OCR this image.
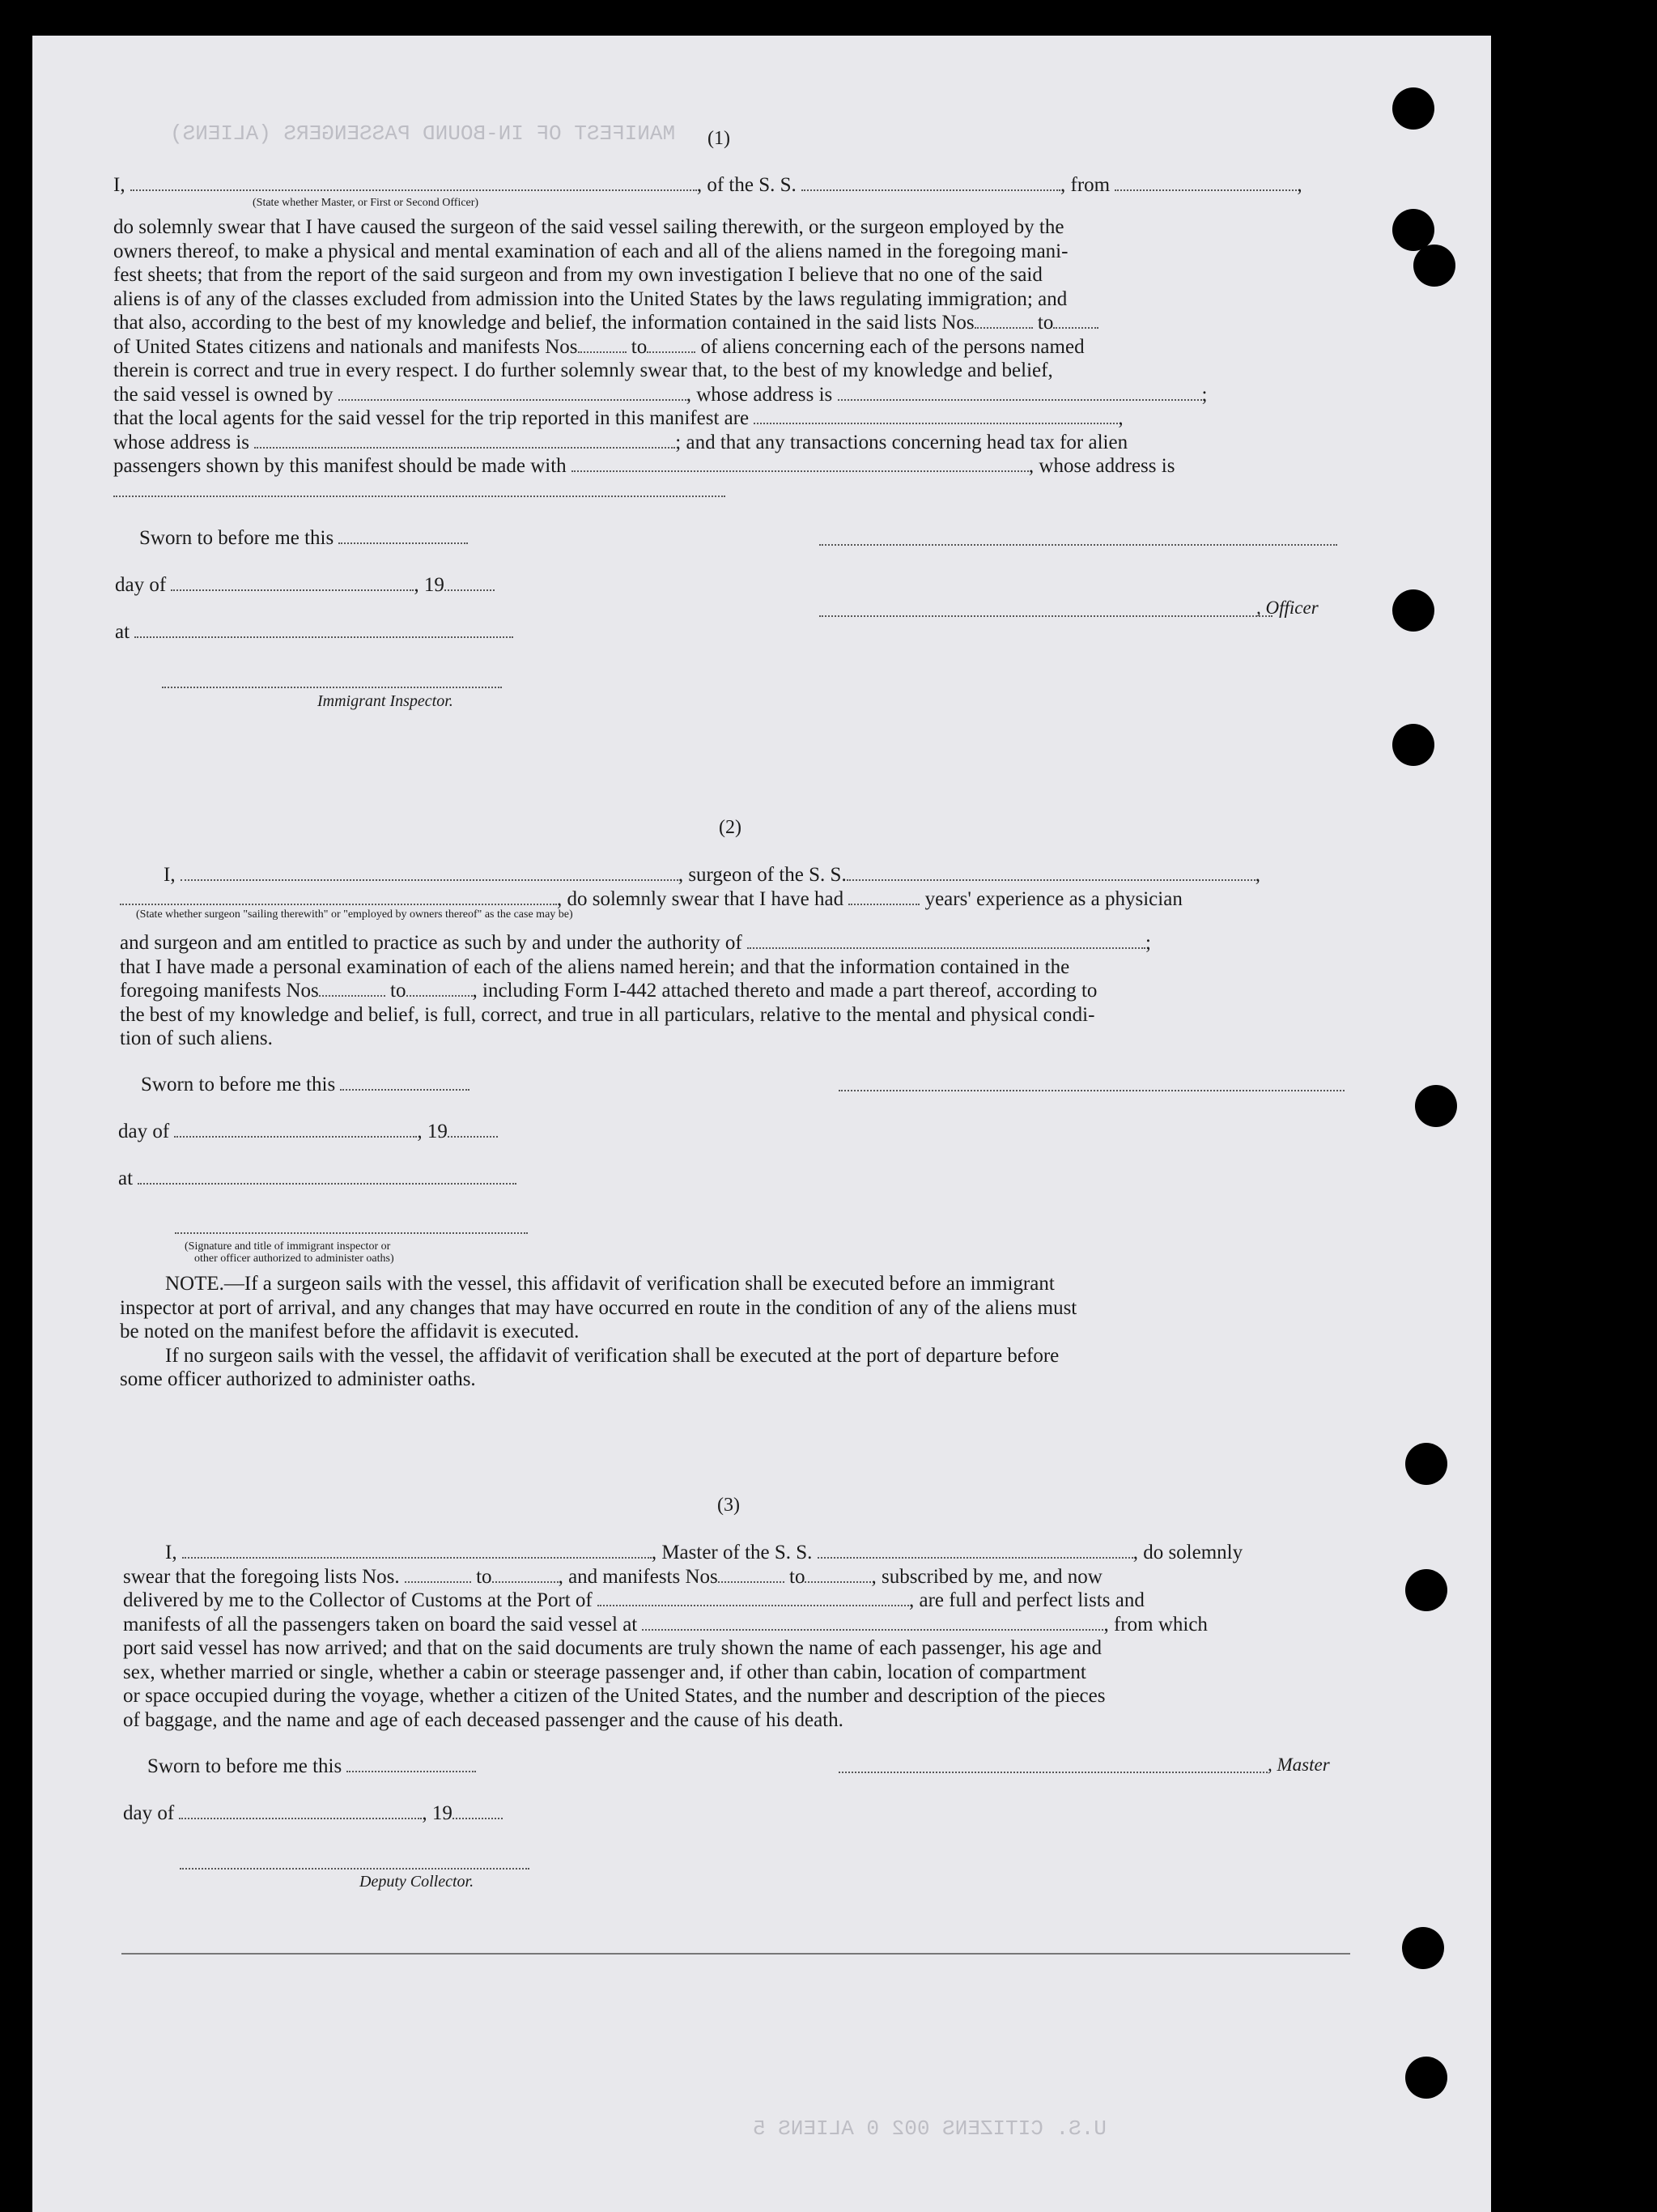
MANIFEST OF IN-BOUND PASSENGERS (ALIENS)
U.S. CITIZENS 002 0 ALIENS 5
(1)
I,	, of the S. S.	, from	,
(State whether Master, or First or Second Officer)
do solemnly swear that I have caused the surgeon of the said vessel sailing therewith, or the surgeon employed by the
owners thereof, to make a physical and mental examination of each and all of the aliens named in the foregoing mani-
fest sheets; that from the report of the said surgeon and from my own investigation I believe that no one of the said
aliens is of any of the classes excluded from admission into the United States by the laws regulating immigration; and
that also, according to the best of my knowledge and belief, the information contained in the said lists Nos	to
of United States citizens and nationals and manifests Nos	to	of aliens concerning each of the persons named
therein is correct and true in every respect. I do further solemnly swear that, to the best of my knowledge and belief,
the said vessel is owned by	, whose address is	;
that the local agents for the said vessel for the trip reported in this manifest are	,
whose address is	; and that any transactions concerning head tax for alien
passengers shown by this manifest should be made with	, whose address is
Sworn to before me this
day of	, 19
at
Immigrant Inspector.
, Officer
(2)
I,	, surgeon of the S. S.	,
, do solemnly swear that I have had	years' experience as a physician
(State whether surgeon "sailing therewith" or "employed by owners thereof" as the case may be)
and surgeon and am entitled to practice as such by and under the authority of	;
that I have made a personal examination of each of the aliens named herein; and that the information contained in the
foregoing manifests Nos	to	, including Form I-442 attached thereto and made a part thereof, according to
the best of my knowledge and belief, is full, correct, and true in all particulars, relative to the mental and physical condi-
tion of such aliens.
Sworn to before me this
day of	, 19
at
(Signature and title of immigrant inspector or
other officer authorized to administer oaths)
NOTE.—If a surgeon sails with the vessel, this affidavit of verification shall be executed before an immigrant
inspector at port of arrival, and any changes that may have occurred en route in the condition of any of the aliens must
be noted on the manifest before the affidavit is executed.
If no surgeon sails with the vessel, the affidavit of verification shall be executed at the port of departure before
some officer authorized to administer oaths.
(3)
I,	, Master of the S. S.	, do solemnly
swear that the foregoing lists Nos.	to	, and manifests Nos	to	, subscribed by me, and now
delivered by me to the Collector of Customs at the Port of	, are full and perfect lists and
manifests of all the passengers taken on board the said vessel at	, from which
port said vessel has now arrived; and that on the said documents are truly shown the name of each passenger, his age and
sex, whether married or single, whether a cabin or steerage passenger and, if other than cabin, location of compartment
or space occupied during the voyage, whether a citizen of the United States, and the number and description of the pieces
of baggage, and the name and age of each deceased passenger and the cause of his death.
Sworn to before me this
day of	, 19
Deputy Collector.
, Master
